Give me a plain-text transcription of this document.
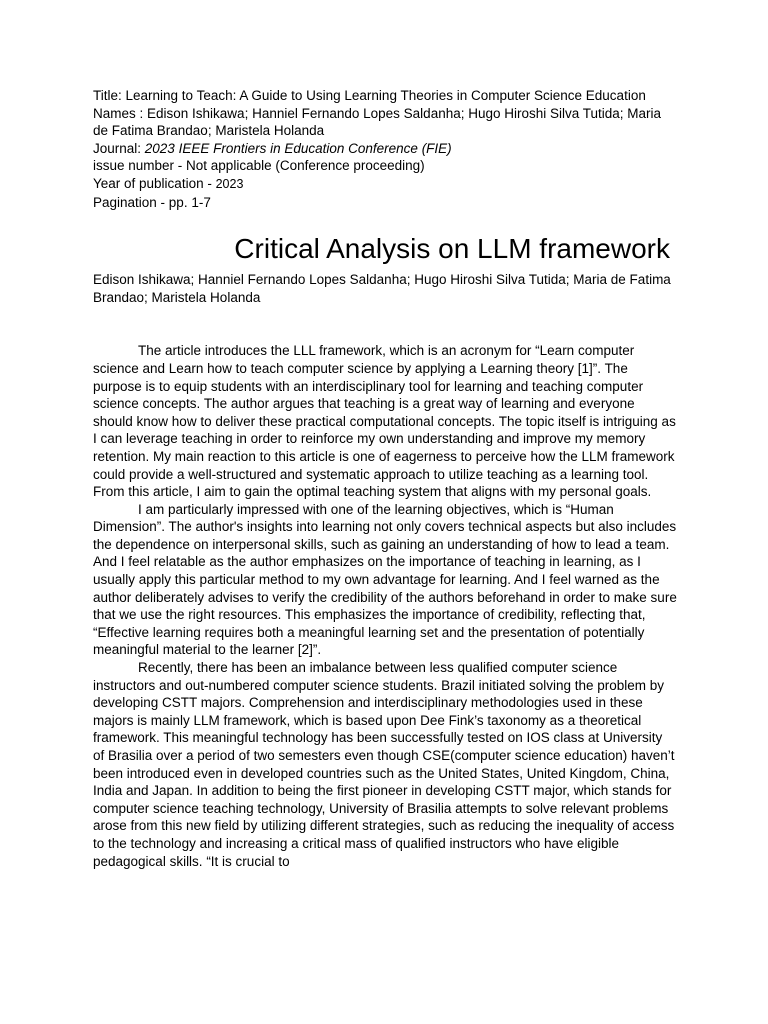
Title: Learning to Teach: A Guide to Using Learning Theories in Computer Science Education
Names : Edison Ishikawa; Hanniel Fernando Lopes Saldanha; Hugo Hiroshi Silva Tutida; Maria de Fatima Brandao; Maristela Holanda
Journal: 2023 IEEE Frontiers in Education Conference (FIE)
issue number - Not applicable (Conference proceeding)
Year of publication - 2023
Pagination - pp. 1-7
Critical Analysis on LLM framework
Edison Ishikawa; Hanniel Fernando Lopes Saldanha; Hugo Hiroshi Silva Tutida; Maria de Fatima Brandao; Maristela Holanda

The article introduces the LLL framework, which is an acronym for “Learn computer science and Learn how to teach computer science by applying a Learning theory [1]”. The purpose is to equip students with an interdisciplinary tool for learning and teaching computer science concepts. The author argues that teaching is a great way of learning and everyone should know how to deliver these practical computational concepts. The topic itself is intriguing as I can leverage teaching in order to reinforce my own understanding and improve my memory retention. My main reaction to this article is one of eagerness to perceive how the LLM framework could provide a well-structured and systematic approach to utilize teaching as a learning tool. From this article, I aim to gain the optimal teaching system that aligns with my personal goals.

I am particularly impressed with one of the learning objectives, which is “Human Dimension”. The author's insights into learning not only covers technical aspects but also includes the dependence on interpersonal skills, such as gaining an understanding of how to lead a team. And I feel relatable as the author emphasizes on the importance of teaching in learning, as I usually apply this particular method to my own advantage for learning. And I feel warned as the author deliberately advises to verify the credibility of the authors beforehand in order to make sure that we use the right resources. This emphasizes the importance of credibility, reflecting that, “Effective learning requires both a meaningful learning set and the presentation of potentially meaningful material to the learner [2]”.

Recently, there has been an imbalance between less qualified computer science instructors and out-numbered computer science students. Brazil initiated solving the problem by developing CSTT majors. Comprehension and interdisciplinary methodologies used in these majors is mainly LLM framework, which is based upon Dee Fink’s taxonomy as a theoretical framework. This meaningful technology has been successfully tested on IOS class at University of Brasilia over a period of two semesters even though CSE(computer science education) haven’t been introduced even in developed countries such as the United States, United Kingdom, China, India and Japan. In addition to being the first pioneer in developing CSTT major, which stands for computer science teaching technology, University of Brasilia attempts to solve relevant problems arose from this new field by utilizing different strategies, such as reducing the inequality of access to the technology and increasing a critical mass of qualified instructors who have eligible pedagogical skills. “It is crucial to
